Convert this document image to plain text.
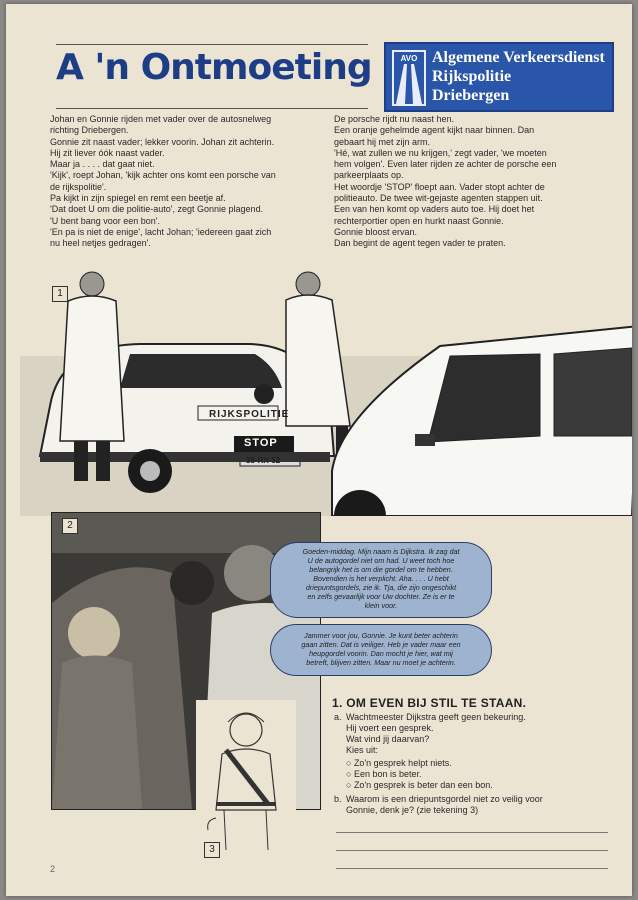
A 'n Ontmoeting	AVO Algemene Verkeersdienst
Rijkspolitie
Driebergen
Johan en Gonnie rijden met vader over de autosnelweg
richting Driebergen.
Gonnie zit naast vader; lekker voorin. Johan zit achterin.
Hij zit liever óók naast vader.
Maar ja . . . . dat gaat niet.
'Kijk', roept Johan, 'kijk achter ons komt een porsche van
de rijkspolitie'.
Pa kijkt in zijn spiegel en remt een beetje af.
'Dat doet U om die politie-auto', zegt Gonnie plagend.
'U bent bang voor een bon'.
'En pa is niet de enige', lacht Johan; 'iedereen gaat zich
nu heel netjes gedragen'.
De porsche rijdt nu naast hen.
Een oranje gehelmde agent kijkt naar binnen. Dan
gebaart hij met zijn arm.
'Hé, wat zullen we nu krijgen,' zegt vader, 'we moeten
hem volgen'. Even later rijden ze achter de porsche een
parkeerplaats op.
Het woordje 'STOP' floept aan. Vader stopt achter de
politieauto. De twee wit-gejaste agenten stappen uit.
Een van hen komt op vaders auto toe. Hij doet het
rechterportier open en hurkt naast Gonnie.
Gonnie bloost ervan.
Dan begint de agent tegen vader te praten.
RIJKSPOLITIE
STOP
38-RX-52
1
2
Goeden-middag. Mijn naam is Dijkstra. Ik zag dat
U de autogordel niet om had. U weet toch hoe
belangrijk het is om die gordel om te hebben.
Bovendien is het verplicht. Aha. . . . U hebt
driepuntsgordels, zie ik. Tja, die zijn ongeschikt
en zelfs gevaarlijk voor Uw dochter. Ze is er te
klein voor.
Jammer voor jou, Gonnie. Je kunt beter achterin
gaan zitten. Dat is veiliger. Heb je vader maar een
heupgordel voorin. Dan mocht je hier, wat mij
betreft, blijven zitten. Maar nu moet je achterin.
3
1. OM EVEN BIJ STIL TE STAAN.
a. Wachtmeester Dijkstra geeft geen bekeuring.
Hij voert een gesprek.
Wat vind jij daarvan?
Kies uit:
○ Zo'n gesprek helpt niets.
○ Een bon is beter.
○ Zo'n gesprek is beter dan een bon.
b. Waarom is een driepuntsgordel niet zo veilig voor
Gonnie, denk je? (zie tekening 3)
2
